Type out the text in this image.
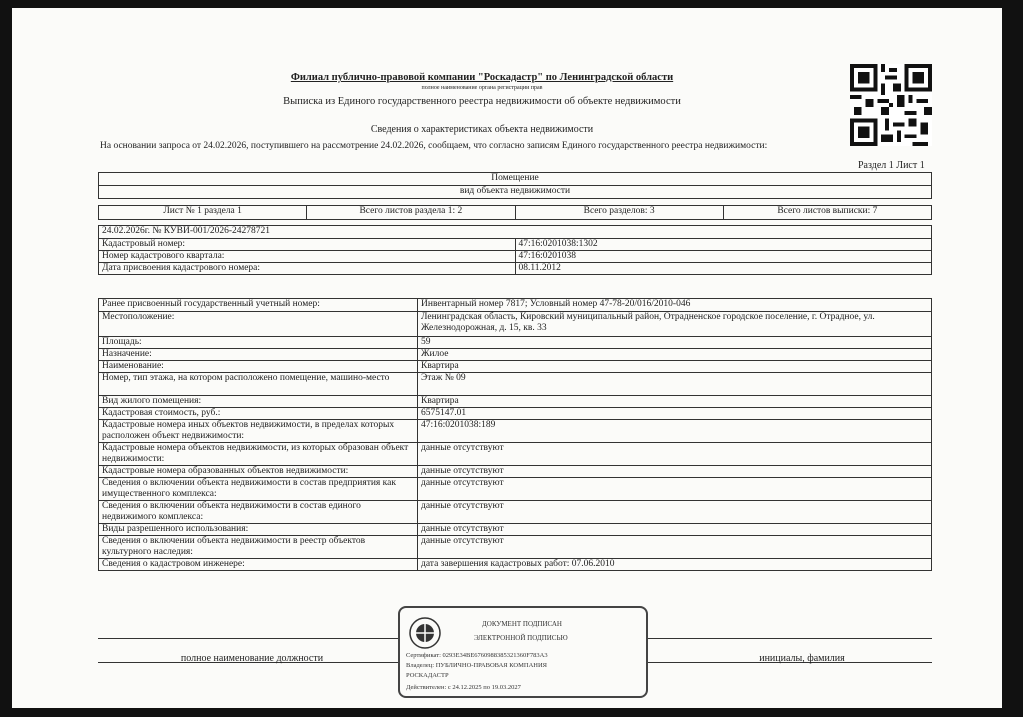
Филиал публично-правовой компании "Роскадастр" по Ленинградской области
полное наименование органа регистрации прав
Выписка из Единого государственного реестра недвижимости об объекте недвижимости
Сведения о характеристиках объекта недвижимости
На основании запроса от 24.02.2026, поступившего на рассмотрение 24.02.2026, сообщаем, что согласно записям Единого государственного реестра недвижимости:
Раздел 1 Лист 1
Помещение
вид объекта недвижимости
Лист № 1 раздела 1	Всего листов раздела 1: 2	Всего разделов: 3	Всего листов выписки: 7
24.02.2026г. № КУВИ-001/2026-24278721	
Кадастровый номер:	47:16:0201038:1302
Номер кадастрового квартала:	47:16:0201038
Дата присвоения кадастрового номера:	08.11.2012
Ранее присвоенный государственный учетный номер:	Инвентарный номер 7817; Условный номер 47-78-20/016/2010-046
Местоположение:	Ленинградская область, Кировский муниципальный район, Отрадненское городское поселение, г. Отрадное, ул. Железнодорожная, д. 15, кв. 33
Площадь:	59
Назначение:	Жилое
Наименование:	Квартира
Номер, тип этажа, на котором расположено помещение, машино-место	Этаж № 09
Вид жилого помещения:	Квартира
Кадастровая стоимость, руб.:	6575147.01
Кадастровые номера иных объектов недвижимости, в пределах которых расположен объект недвижимости:	47:16:0201038:189
Кадастровые номера объектов недвижимости, из которых образован объект недвижимости:	данные отсутствуют
Кадастровые номера образованных объектов недвижимости:	данные отсутствуют
Сведения о включении объекта недвижимости в состав предприятия как имущественного комплекса:	данные отсутствуют
Сведения о включении объекта недвижимости в состав единого недвижимого комплекса:	данные отсутствуют
Виды разрешенного использования:	данные отсутствуют
Сведения о включении объекта недвижимости в реестр объектов культурного наследия:	данные отсутствуют
Сведения о кадастровом инженере:	дата завершения кадастровых работ: 07.06.2010
полное наименование должности	инициалы, фамилия
ДОКУМЕНТ ПОДПИСАН
ЭЛЕКТРОННОЙ ПОДПИСЬЮ
Сертификат: 0293Е34ВЕ6760988385321360F783A3
Владелец: ПУБЛИЧНО-ПРАВОВАЯ КОМПАНИЯ
РОСКАДАСТР
Действителен: с 24.12.2025 по 19.03.2027
